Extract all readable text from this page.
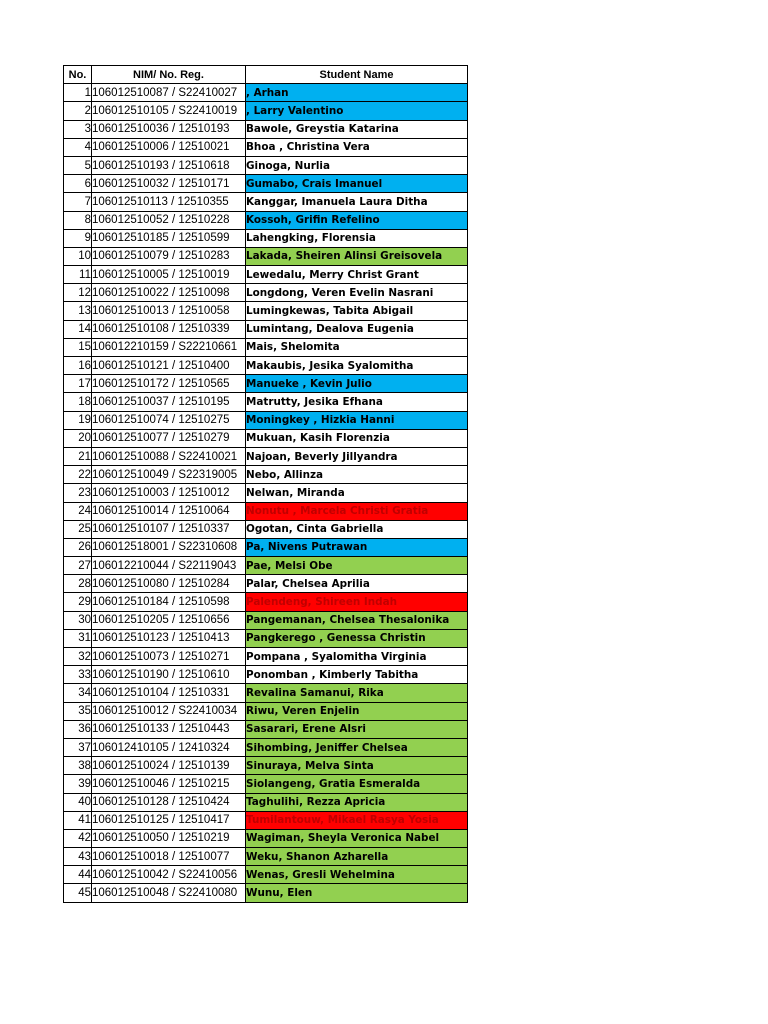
No.	NIM/ No. Reg.	Student Name
1	106012510087 / S22410027	, Arhan
2	106012510105 / S22410019	, Larry Valentino
3	106012510036 / 12510193	Bawole, Greystia Katarina
4	106012510006 / 12510021	Bhoa , Christina Vera
5	106012510193 / 12510618	Ginoga, Nurlia
6	106012510032 / 12510171	Gumabo, Crais Imanuel
7	106012510113 / 12510355	Kanggar, Imanuela Laura Ditha
8	106012510052 / 12510228	Kossoh, Grifin Refelino
9	106012510185 / 12510599	Lahengking, Florensia
10	106012510079 / 12510283	Lakada, Sheiren Alinsi Greisovela
11	106012510005 / 12510019	Lewedalu, Merry Christ Grant
12	106012510022 / 12510098	Longdong, Veren Evelin Nasrani
13	106012510013 / 12510058	Lumingkewas, Tabita Abigail
14	106012510108 / 12510339	Lumintang, Dealova Eugenia
15	106012210159 / S22210661	Mais, Shelomita
16	106012510121 / 12510400	Makaubis, Jesika Syalomitha
17	106012510172 / 12510565	Manueke , Kevin Julio
18	106012510037 / 12510195	Matrutty, Jesika Efhana
19	106012510074 / 12510275	Moningkey , Hizkia Hanni
20	106012510077 / 12510279	Mukuan, Kasih Florenzia
21	106012510088 / S22410021	Najoan, Beverly Jillyandra
22	106012510049 / S22319005	Nebo, Allinza
23	106012510003 / 12510012	Nelwan, Miranda
24	106012510014 / 12510064	Nonutu , Marcela Christi Gratia
25	106012510107 / 12510337	Ogotan, Cinta Gabriella
26	106012518001 / S22310608	Pa, Nivens Putrawan
27	106012210044 / S22119043	Pae, Melsi Obe
28	106012510080 / 12510284	Palar, Chelsea Aprilia
29	106012510184 / 12510598	Palendeng, Shireen Indah
30	106012510205 / 12510656	Pangemanan, Chelsea Thesalonika
31	106012510123 / 12510413	Pangkerego , Genessa Christin
32	106012510073 / 12510271	Pompana , Syalomitha Virginia
33	106012510190 / 12510610	Ponomban , Kimberly Tabitha
34	106012510104 / 12510331	Revalina Samanui, Rika
35	106012510012 / S22410034	Riwu, Veren Enjelin
36	106012510133 / 12510443	Sasarari, Erene Alsri
37	106012410105 / 12410324	Sihombing, Jeniffer Chelsea
38	106012510024 / 12510139	Sinuraya, Melva Sinta
39	106012510046 / 12510215	Siolangeng, Gratia Esmeralda
40	106012510128 / 12510424	Taghulihi, Rezza Apricia
41	106012510125 / 12510417	Tumilantouw, Mikael Rasya Yosia
42	106012510050 / 12510219	Wagiman, Sheyla Veronica Nabel
43	106012510018 / 12510077	Weku, Shanon Azharella
44	106012510042 / S22410056	Wenas, Gresli Wehelmina
45	106012510048 / S22410080	Wunu, Elen
